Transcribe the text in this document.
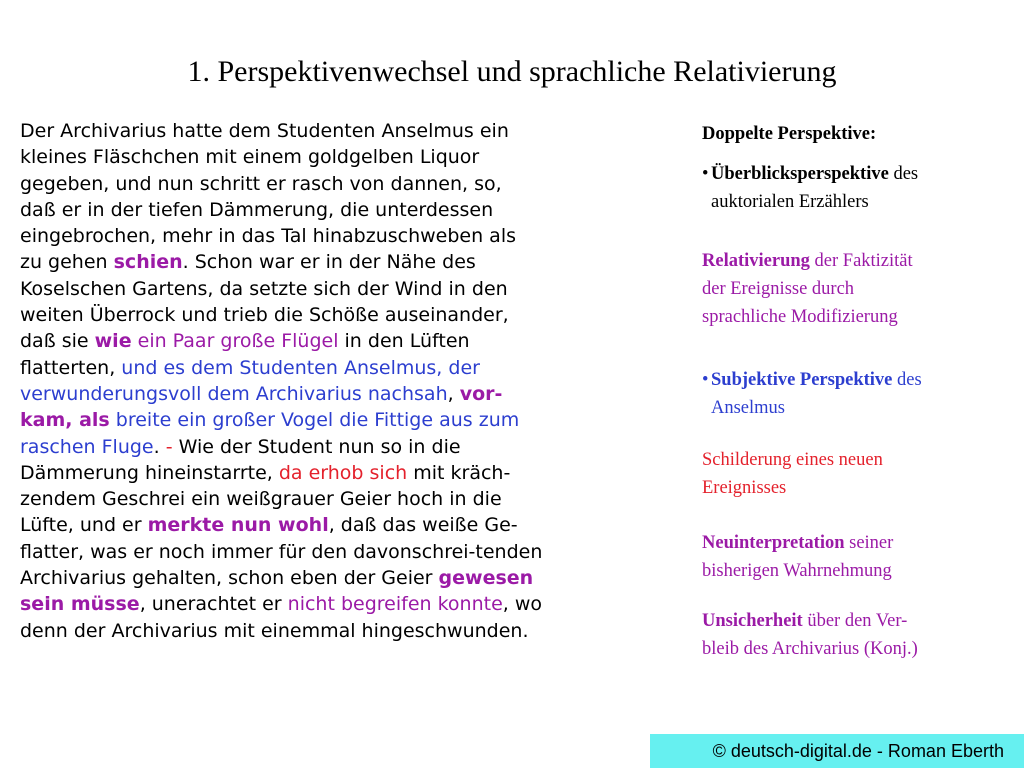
1. Perspektivenwechsel und sprachliche Relativierung
Der Archivarius hatte dem Studenten Anselmus ein
kleines Fläschchen mit einem goldgelben Liquor
gegeben, und nun schritt er rasch von dannen, so,
daß er in der tiefen Dämmerung, die unterdessen
eingebrochen, mehr in das Tal hinabzuschweben als
zu gehen schien. Schon war er in der Nähe des
Koselschen Gartens, da setzte sich der Wind in den
weiten Überrock und trieb die Schöße auseinander,
daß sie wie ein Paar große Flügel in den Lüften
flatterten, und es dem Studenten Anselmus, der
verwunderungsvoll dem Archivarius nachsah, vor-
kam, als breite ein großer Vogel die Fittige aus zum
raschen Fluge. - Wie der Student nun so in die
Dämmerung hineinstarrte, da erhob sich mit kräch-
zendem Geschrei ein weißgrauer Geier hoch in die
Lüfte, und er merkte nun wohl, daß das weiße Ge-
flatter, was er noch immer für den davonschrei-tenden
Archivarius gehalten, schon eben der Geier gewesen
sein müsse, unerachtet er nicht begreifen konnte, wo
denn der Archivarius mit einemmal hingeschwunden.
Doppelte Perspektive:
• Überblicksperspektive des
auktorialen Erzählers
Relativierung der Faktizität
der Ereignisse durch
sprachliche Modifizierung
• Subjektive Perspektive des
Anselmus
Schilderung eines neuen
Ereignisses
Neuinterpretation seiner
bisherigen Wahrnehmung
Unsicherheit über den Ver-
bleib des Archivarius (Konj.)
© deutsch-digital.de - Roman Eberth
